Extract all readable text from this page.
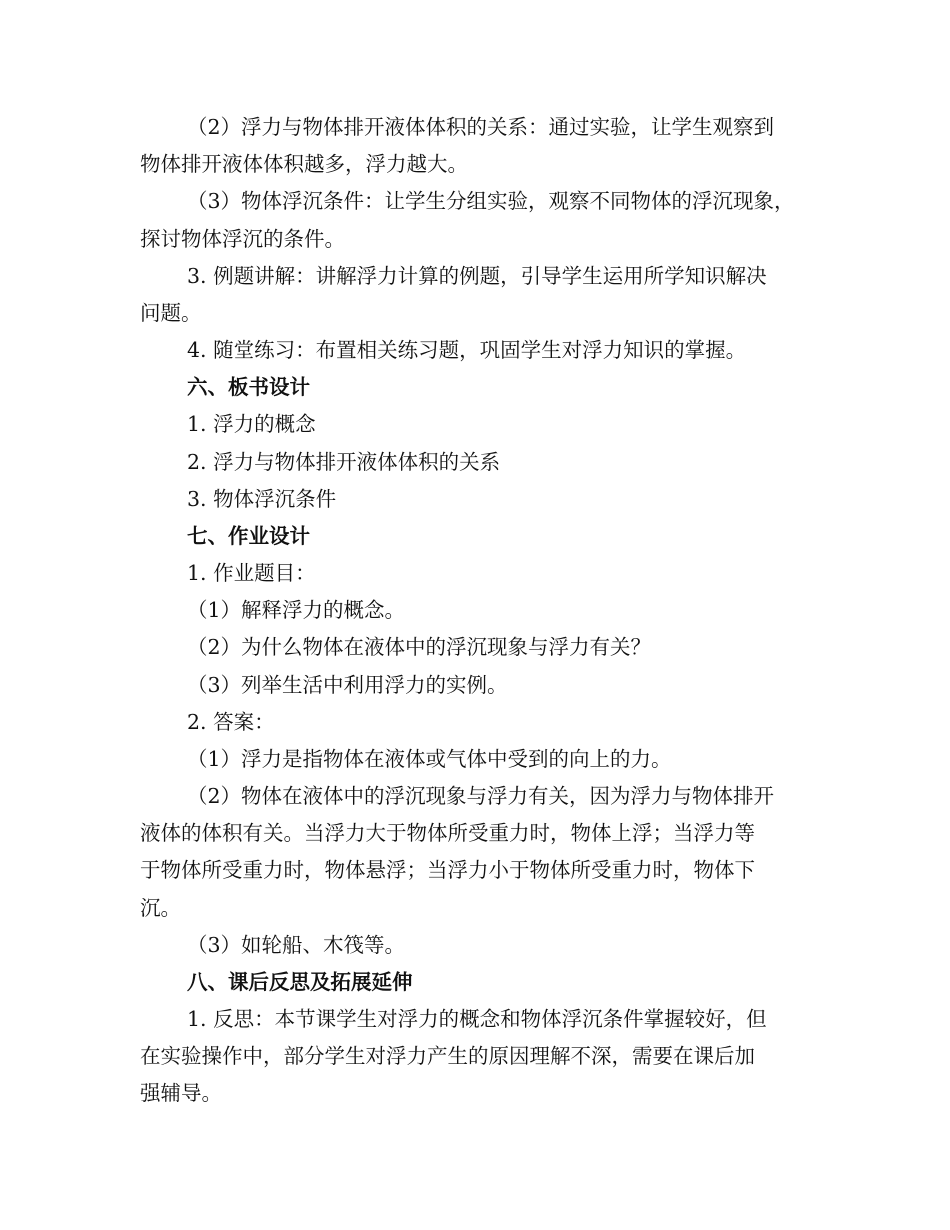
（2）浮力与物体排开液体体积的关系：通过实验，让学生观察到
物体排开液体体积越多，浮力越大。
（3）物体浮沉条件：让学生分组实验，观察不同物体的浮沉现象，
探讨物体浮沉的条件。
3. 例题讲解：讲解浮力计算的例题，引导学生运用所学知识解决
问题。
4. 随堂练习：布置相关练习题，巩固学生对浮力知识的掌握。
六、板书设计
1. 浮力的概念
2. 浮力与物体排开液体体积的关系
3. 物体浮沉条件
七、作业设计
1. 作业题目：
（1）解释浮力的概念。
（2）为什么物体在液体中的浮沉现象与浮力有关？
（3）列举生活中利用浮力的实例。
2. 答案：
（1）浮力是指物体在液体或气体中受到的向上的力。
（2）物体在液体中的浮沉现象与浮力有关，因为浮力与物体排开
液体的体积有关。当浮力大于物体所受重力时，物体上浮；当浮力等
于物体所受重力时，物体悬浮；当浮力小于物体所受重力时，物体下
沉。
（3）如轮船、木筏等。
八、课后反思及拓展延伸
1. 反思：本节课学生对浮力的概念和物体浮沉条件掌握较好，但
在实验操作中，部分学生对浮力产生的原因理解不深，需要在课后加
强辅导。
